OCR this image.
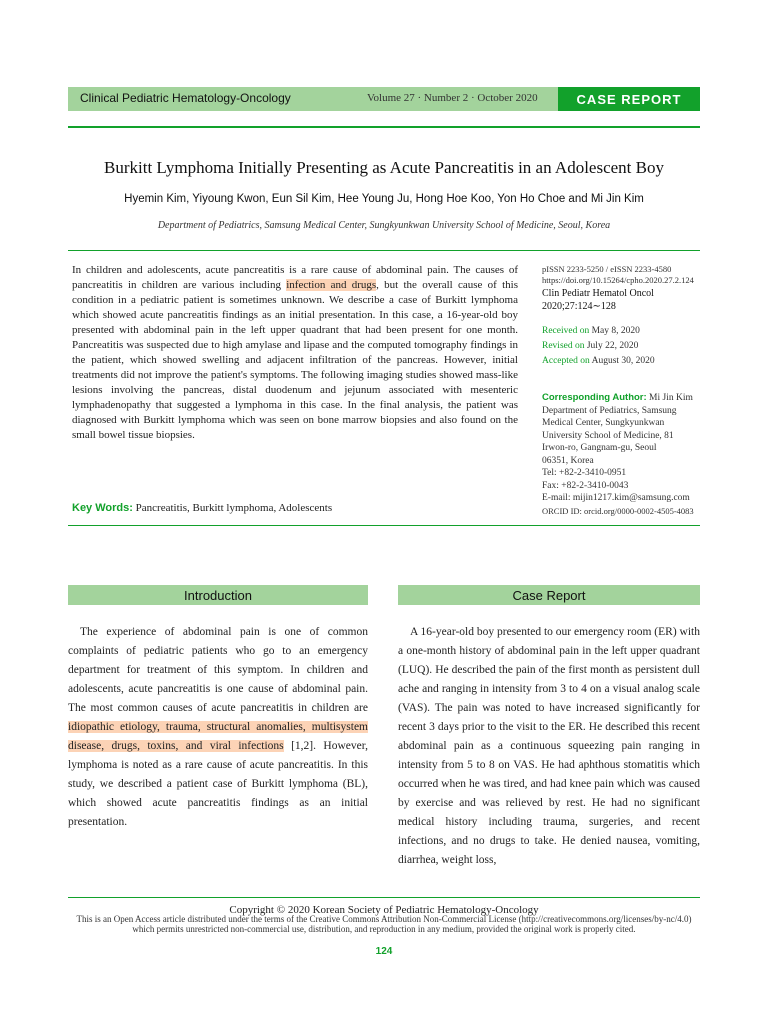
Clinical Pediatric Hematology-Oncology	Volume 27 · Number 2 · October 2020	CASE REPORT
Burkitt Lymphoma Initially Presenting as Acute Pancreatitis in an Adolescent Boy
Hyemin Kim, Yiyoung Kwon, Eun Sil Kim, Hee Young Ju, Hong Hoe Koo, Yon Ho Choe and Mi Jin Kim
Department of Pediatrics, Samsung Medical Center, Sungkyunkwan University School of Medicine, Seoul, Korea

In children and adolescents, acute pancreatitis is a rare cause of abdominal pain. The causes of pancreatitis in children are various including infection and drugs, but the overall cause of this condition in a pediatric patient is sometimes unknown. We describe a case of Burkitt lymphoma which showed acute pancreatitis findings as an initial presentation. In this case, a 16-year-old boy presented with abdominal pain in the left upper quadrant that had been present for one month. Pancreatitis was suspected due to high amylase and lipase and the computed tomography findings in the patient, which showed swelling and adjacent infiltration of the pancreas. However, initial treatments did not improve the patient's symptoms. The following imaging studies showed mass-like lesions involving the pancreas, distal duodenum and jejunum associated with mesenteric lymphadenopathy that suggested a lymphoma in this case. In the final analysis, the patient was diagnosed with Burkitt lymphoma which was seen on bone marrow biopsies and also found on the small bowel tissue biopsies.

Key Words: Pancreatitis, Burkitt lymphoma, Adolescents
pISSN 2233-5250 / eISSN 2233-4580
https://doi.org/10.15264/cpho.2020.27.2.124
Clin Pediatr Hematol Oncol
2020;27:124∼128
Received on May 8, 2020
Revised on July 22, 2020
Accepted on August 30, 2020
Corresponding Author: Mi Jin Kim
Department of Pediatrics, Samsung
Medical Center, Sungkyunkwan
University School of Medicine, 81
Irwon-ro, Gangnam-gu, Seoul
06351, Korea
Tel: +82-2-3410-0951
Fax: +82-2-3410-0043
E-mail: mijin1217.kim@samsung.com
ORCID ID: orcid.org/0000-0002-4505-4083
Introduction	Case Report

The experience of abdominal pain is one of common complaints of pediatric patients who go to an emergency department for treatment of this symptom. In children and adolescents, acute pancreatitis is one cause of abdominal pain. The most common causes of acute pancreatitis in children are idiopathic etiology, trauma, structural anomalies, multisystem disease, drugs, toxins, and viral infections [1,2]. However, lymphoma is noted as a rare cause of acute pancreatitis. In this study, we described a patient case of Burkitt lymphoma (BL), which showed acute pancreatitis findings as an initial presentation.

A 16-year-old boy presented to our emergency room (ER) with a one-month history of abdominal pain in the left upper quadrant (LUQ). He described the pain of the first month as persistent dull ache and ranging in intensity from 3 to 4 on a visual analog scale (VAS). The pain was noted to have increased significantly for recent 3 days prior to the visit to the ER. He described this recent abdominal pain as a continuous squeezing pain ranging in intensity from 5 to 8 on VAS. He had aphthous stomatitis which occurred when he was tired, and had knee pain which was caused by exercise and was relieved by rest. He had no significant medical history including trauma, surgeries, and recent infections, and no drugs to take. He denied nausea, vomiting, diarrhea, weight loss,

Copyright © 2020 Korean Society of Pediatric Hematology-Oncology
This is an Open Access article distributed under the terms of the Creative Commons Attribution Non-Commercial License (http://creativecommons.org/licenses/by-nc/4.0) which permits unrestricted non-commercial use, distribution, and reproduction in any medium, provided the original work is properly cited.
124
